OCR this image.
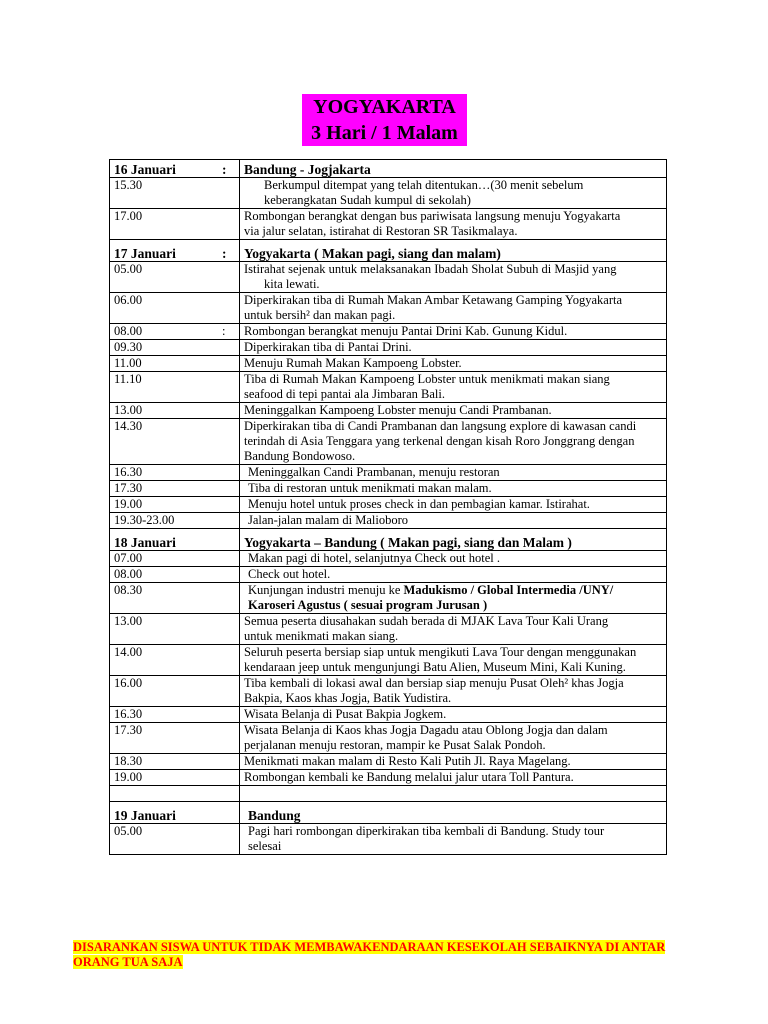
YOGYAKARTA
3 Hari / 1 Malam
16 Januari	:	Bandung - Jogjakarta
15.30		Berkumpul ditempat yang telah ditentukan…(30 menit sebelum
keberangkatan Sudah kumpul di sekolah)

17.00		Rombongan berangkat dengan bus pariwisata langsung menuju Yogyakarta
via jalur selatan, istirahat di Restoran SR Tasikmalaya.

17 Januari	:	Yogyakarta ( Makan pagi, siang dan malam)
05.00		Istirahat sejenak untuk melaksanakan Ibadah Sholat Subuh di Masjid yang
kita lewati.

06.00		Diperkirakan tiba di Rumah Makan Ambar Ketawang Gamping Yogyakarta
untuk bersih² dan makan pagi.

08.00	:	Rombongan berangkat menuju Pantai Drini Kab. Gunung Kidul.
09.30		Diperkirakan tiba di Pantai Drini.
11.00		Menuju Rumah Makan Kampoeng Lobster.
11.10		Tiba di Rumah Makan Kampoeng Lobster untuk menikmati makan siang
seafood di tepi pantai ala Jimbaran Bali.

13.00		Meninggalkan Kampoeng Lobster menuju Candi Prambanan.
14.30		Diperkirakan tiba di Candi Prambanan dan langsung explore di kawasan candi
terindah di Asia Tenggara yang terkenal dengan kisah Roro Jonggrang dengan
Bandung Bondowoso.

16.30		Meninggalkan Candi Prambanan, menuju restoran

17.30		Tiba di restoran untuk menikmati makan malam.

19.00		Menuju hotel untuk proses check in dan pembagian kamar. Istirahat.

19.30-23.00		Jalan-jalan malam di Malioboro

18 Januari		Yogyakarta – Bandung ( Makan pagi, siang dan Malam )
07.00		Makan pagi di hotel, selanjutnya Check out hotel .

08.00		Check out hotel.

08.30		Kunjungan industri menuju ke Madukismo / Global Intermedia /UNY/
Karoseri Agustus ( sesuai program Jurusan )

13.00		Semua peserta diusahakan sudah berada di MJAK Lava Tour Kali Urang
untuk menikmati makan siang.

14.00		Seluruh peserta bersiap siap untuk mengikuti Lava Tour dengan menggunakan
kendaraan jeep untuk mengunjungi Batu Alien, Museum Mini, Kali Kuning.

16.00		Tiba kembali di lokasi awal dan bersiap siap menuju Pusat Oleh² khas Jogja
Bakpia, Kaos khas Jogja, Batik Yudistira.

16.30		Wisata Belanja di Pusat Bakpia Jogkem.
17.30		Wisata Belanja di Kaos khas Jogja Dagadu atau Oblong Jogja dan dalam
perjalanan menuju restoran, mampir ke Pusat Salak Pondoh.

18.30		Menikmati makan malam di Resto Kali Putih Jl. Raya Magelang.
19.00		Rombongan kembali ke Bandung melalui jalur utara Toll Pantura.

19 Januari		Bandung

05.00		Pagi hari rombongan diperkirakan tiba kembali di Bandung. Study tour
selesai
DISARANKAN SISWA UNTUK TIDAK MEMBAWAKENDARAAN KESEKOLAH SEBAIKNYA DI ANTAR
ORANG TUA SAJA
